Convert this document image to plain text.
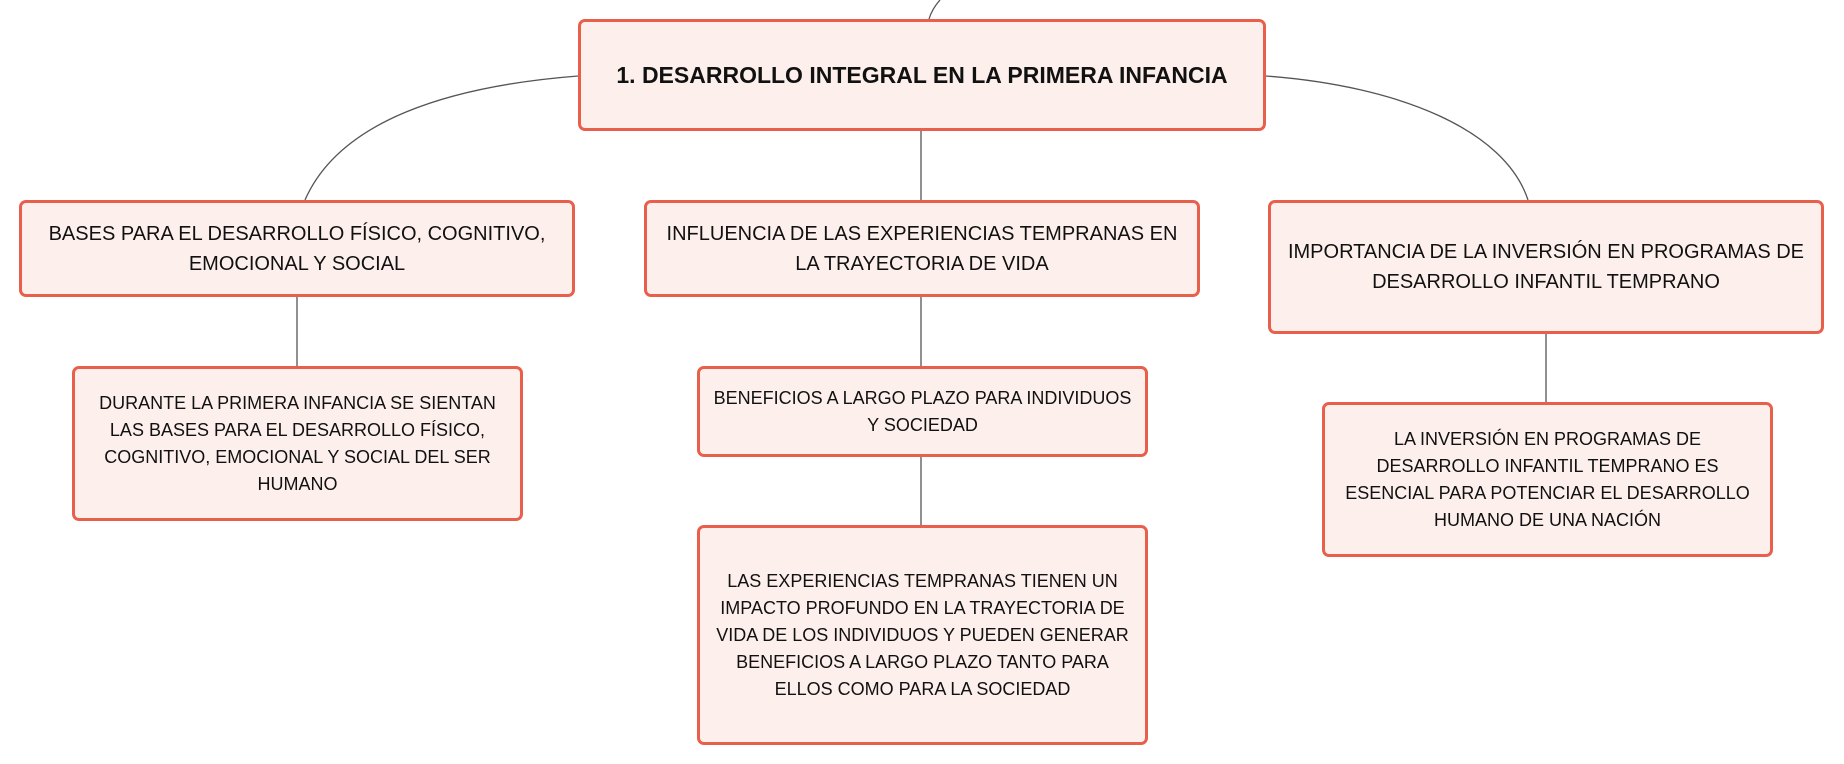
1. DESARROLLO INTEGRAL EN LA PRIMERA INFANCIA
BASES PARA EL DESARROLLO FÍSICO, COGNITIVO, EMOCIONAL Y SOCIAL
INFLUENCIA DE LAS EXPERIENCIAS TEMPRANAS EN LA TRAYECTORIA DE VIDA
IMPORTANCIA DE LA INVERSIÓN EN PROGRAMAS DE DESARROLLO INFANTIL TEMPRANO
DURANTE LA PRIMERA INFANCIA SE SIENTAN LAS BASES PARA EL DESARROLLO FÍSICO, COGNITIVO, EMOCIONAL Y SOCIAL DEL SER HUMANO
BENEFICIOS A LARGO PLAZO PARA INDIVIDUOS Y SOCIEDAD
LAS EXPERIENCIAS TEMPRANAS TIENEN UN IMPACTO PROFUNDO EN LA TRAYECTORIA DE VIDA DE LOS INDIVIDUOS Y PUEDEN GENERAR BENEFICIOS A LARGO PLAZO TANTO PARA ELLOS COMO PARA LA SOCIEDAD
LA INVERSIÓN EN PROGRAMAS DE DESARROLLO INFANTIL TEMPRANO ES ESENCIAL PARA POTENCIAR EL DESARROLLO HUMANO DE UNA NACIÓN
